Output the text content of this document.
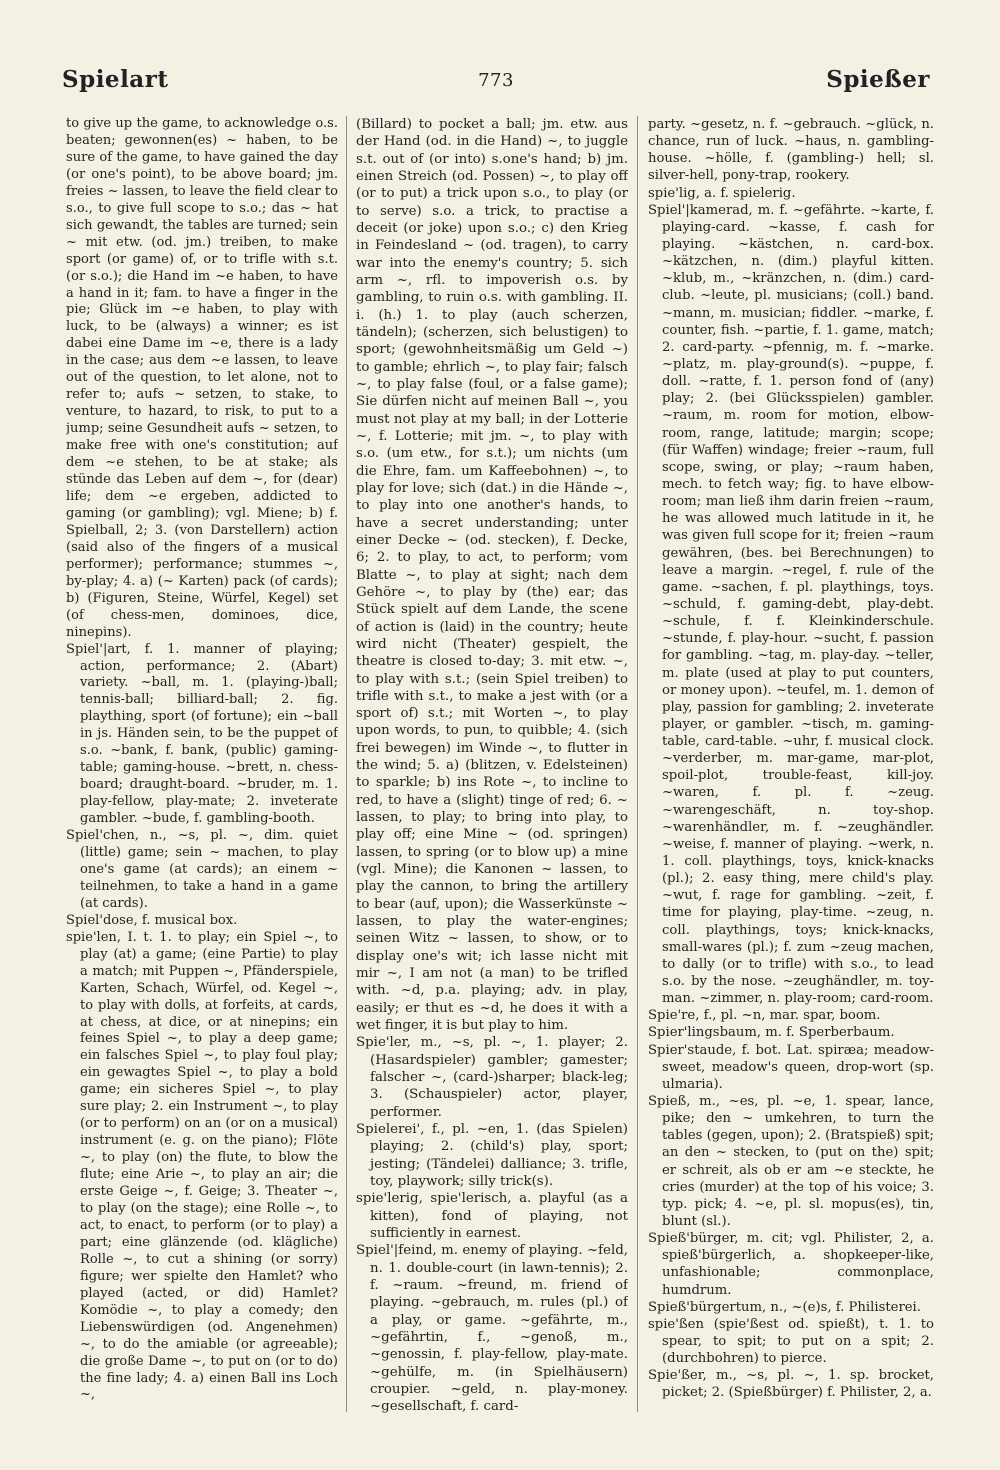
Spielart	773	Spießer

to give up the game, to acknowledge o.s. beaten; gewonnen(es) ~ haben, to be sure of the game, to have gained the day (or one's point), to be above board; jm. freies ~ lassen, to leave the field clear to s.o., to give full scope to s.o.; das ~ hat sich gewandt, the tables are turned; sein ~ mit etw. (od. jm.) treiben, to make sport (or game) of, or to trifle with s.t. (or s.o.); die Hand im ~e haben, to have a hand in it; fam. to have a finger in the pie; Glück im ~e haben, to play with luck, to be (always) a winner; es ist dabei eine Dame im ~e, there is a lady in the case; aus dem ~e lassen, to leave out of the question, to let alone, not to refer to; aufs ~ setzen, to stake, to venture, to hazard, to risk, to put to a jump; seine Gesundheit aufs ~ setzen, to make free with one's constitution; auf dem ~e stehen, to be at stake; als stünde das Leben auf dem ~, for (dear) life; dem ~e ergeben, addicted to gaming (or gambling); vgl. Miene; b) f. Spielball, 2; 3. (von Darstellern) action (said also of the fingers of a musical performer); performance; stummes ~, by-play; 4. a) (~ Karten) pack (of cards); b) (Figuren, Steine, Würfel, Kegel) set (of chess-men, dominoes, dice, ninepins).

Spiel'|art, f. 1. manner of playing; action, performance; 2. (Abart) variety. ~ball, m. 1. (playing-)ball; tennis-ball; billiard-ball; 2. fig. plaything, sport (of fortune); ein ~ball in js. Händen sein, to be the puppet of s.o. ~bank, f. bank, (public) gaming-table; gaming-house. ~brett, n. chess-board; draught-board. ~bruder, m. 1. play-fellow, play-mate; 2. inveterate gambler. ~bude, f. gambling-booth.

Spiel'chen, n., ~s, pl. ~, dim. quiet (little) game; sein ~ machen, to play one's game (at cards); an einem ~ teilnehmen, to take a hand in a game (at cards).

Spiel'dose, f. musical box.

spie'len, I. t. 1. to play; ein Spiel ~, to play (at) a game; (eine Partie) to play a match; mit Puppen ~, Pfänderspiele, Karten, Schach, Würfel, od. Kegel ~, to play with dolls, at forfeits, at cards, at chess, at dice, or at ninepins; ein feines Spiel ~, to play a deep game; ein falsches Spiel ~, to play foul play; ein gewagtes Spiel ~, to play a bold game; ein sicheres Spiel ~, to play sure play; 2. ein Instrument ~, to play (or to perform) on an (or on a musical) instrument (e. g. on the piano); Flöte ~, to play (on) the flute, to blow the flute; eine Arie ~, to play an air; die erste Geige ~, f. Geige; 3. Theater ~, to play (on the stage); eine Rolle ~, to act, to enact, to perform (or to play) a part; eine glänzende (od. klägliche) Rolle ~, to cut a shining (or sorry) figure; wer spielte den Hamlet? who played (acted, or did) Hamlet? Komödie ~, to play a comedy; den Liebenswürdigen (od. Angenehmen) ~, to do the amiable (or agreeable); die große Dame ~, to put on (or to do) the fine lady; 4. a) einen Ball ins Loch ~,

(Billard) to pocket a ball; jm. etw. aus der Hand (od. in die Hand) ~, to juggle s.t. out of (or into) s.one's hand; b) jm. einen Streich (od. Possen) ~, to play off (or to put) a trick upon s.o., to play (or to serve) s.o. a trick, to practise a deceit (or joke) upon s.o.; c) den Krieg in Feindesland ~ (od. tragen), to carry war into the enemy's country; 5. sich arm ~, rfl. to impoverish o.s. by gambling, to ruin o.s. with gambling. II. i. (h.) 1. to play (auch scherzen, tändeln); (scherzen, sich belustigen) to sport; (gewohnheitsmäßig um Geld ~) to gamble; ehrlich ~, to play fair; falsch ~, to play false (foul, or a false game); Sie dürfen nicht auf meinen Ball ~, you must not play at my ball; in der Lotterie ~, f. Lotterie; mit jm. ~, to play with s.o. (um etw., for s.t.); um nichts (um die Ehre, fam. um Kaffeebohnen) ~, to play for love; sich (dat.) in die Hände ~, to play into one another's hands, to have a secret understanding; unter einer Decke ~ (od. stecken), f. Decke, 6; 2. to play, to act, to perform; vom Blatte ~, to play at sight; nach dem Gehöre ~, to play by (the) ear; das Stück spielt auf dem Lande, the scene of action is (laid) in the country; heute wird nicht (Theater) gespielt, the theatre is closed to-day; 3. mit etw. ~, to play with s.t.; (sein Spiel treiben) to trifle with s.t., to make a jest with (or a sport of) s.t.; mit Worten ~, to play upon words, to pun, to quibble; 4. (sich frei bewegen) im Winde ~, to flutter in the wind; 5. a) (blitzen, v. Edelsteinen) to sparkle; b) ins Rote ~, to incline to red, to have a (slight) tinge of red; 6. ~ lassen, to play; to bring into play, to play off; eine Mine ~ (od. springen) lassen, to spring (or to blow up) a mine (vgl. Mine); die Kanonen ~ lassen, to play the cannon, to bring the artillery to bear (auf, upon); die Wasserkünste ~ lassen, to play the water-engines; seinen Witz ~ lassen, to show, or to display one's wit; ich lasse nicht mit mir ~, I am not (a man) to be trifled with. ~d, p.a. playing; adv. in play, easily; er thut es ~d, he does it with a wet finger, it is but play to him.

Spie'ler, m., ~s, pl. ~, 1. player; 2. (Hasardspieler) gambler; gamester; falscher ~, (card-)sharper; black-leg; 3. (Schauspieler) actor, player, performer.

Spielerei', f., pl. ~en, 1. (das Spielen) playing; 2. (child's) play, sport; jesting; (Tändelei) dalliance; 3. trifle, toy, playwork; silly trick(s).

spie'lerig, spie'lerisch, a. playful (as a kitten), fond of playing, not sufficiently in earnest.

Spiel'|feind, m. enemy of playing. ~feld, n. 1. double-court (in lawn-tennis); 2. f. ~raum. ~freund, m. friend of playing. ~gebrauch, m. rules (pl.) of a play, or game. ~gefährte, m., ~gefährtin, f., ~genoß, m., ~genossin, f. play-fellow, play-mate. ~gehülfe, m. (in Spielhäusern) croupier. ~geld, n. play-money. ~gesellschaft, f. card-

party. ~gesetz, n. f. ~gebrauch. ~glück, n. chance, run of luck. ~haus, n. gambling-house. ~hölle, f. (gambling-) hell; sl. silver-hell, pony-trap, rookery.

spie'lig, a. f. spielerig.

Spiel'|kamerad, m. f. ~gefährte. ~karte, f. playing-card. ~kasse, f. cash for playing. ~kästchen, n. card-box. ~kätzchen, n. (dim.) playful kitten. ~klub, m., ~kränzchen, n. (dim.) card-club. ~leute, pl. musicians; (coll.) band. ~mann, m. musician; fiddler. ~marke, f. counter, fish. ~partie, f. 1. game, match; 2. card-party. ~pfennig, m. f. ~marke. ~platz, m. play-ground(s). ~puppe, f. doll. ~ratte, f. 1. person fond of (any) play; 2. (bei Glücksspielen) gambler. ~raum, m. room for motion, elbow-room, range, latitude; margin; scope; (für Waffen) windage; freier ~raum, full scope, swing, or play; ~raum haben, mech. to fetch way; fig. to have elbow-room; man ließ ihm darin freien ~raum, he was allowed much latitude in it, he was given full scope for it; freien ~raum gewähren, (bes. bei Berechnungen) to leave a margin. ~regel, f. rule of the game. ~sachen, f. pl. playthings, toys. ~schuld, f. gaming-debt, play-debt. ~schule, f. f. Kleinkinderschule. ~stunde, f. play-hour. ~sucht, f. passion for gambling. ~tag, m. play-day. ~teller, m. plate (used at play to put counters, or money upon). ~teufel, m. 1. demon of play, passion for gambling; 2. inveterate player, or gambler. ~tisch, m. gaming-table, card-table. ~uhr, f. musical clock. ~verderber, m. mar-game, mar-plot, spoil-plot, trouble-feast, kill-joy. ~waren, f. pl. f. ~zeug. ~warengeschäft, n. toy-shop. ~warenhändler, m. f. ~zeughändler. ~weise, f. manner of playing. ~werk, n. 1. coll. playthings, toys, knick-knacks (pl.); 2. easy thing, mere child's play. ~wut, f. rage for gambling. ~zeit, f. time for playing, play-time. ~zeug, n. coll. playthings, toys; knick-knacks, small-wares (pl.); f. zum ~zeug machen, to dally (or to trifle) with s.o., to lead s.o. by the nose. ~zeughändler, m. toy-man. ~zimmer, n. play-room; card-room.

Spie're, f., pl. ~n, mar. spar, boom.

Spier'lingsbaum, m. f. Sperberbaum.

Spier'staude, f. bot. Lat. spiræa; meadow-sweet, meadow's queen, drop-wort (sp. ulmaria).

Spieß, m., ~es, pl. ~e, 1. spear, lance, pike; den ~ umkehren, to turn the tables (gegen, upon); 2. (Bratspieß) spit; an den ~ stecken, to (put on the) spit; er schreit, als ob er am ~e steckte, he cries (murder) at the top of his voice; 3. typ. pick; 4. ~e, pl. sl. mopus(es), tin, blunt (sl.).

Spieß'bürger, m. cit; vgl. Philister, 2, a. spieß'bürgerlich, a. shopkeeper-like, unfashionable; commonplace, humdrum.

Spieß'bürgertum, n., ~(e)s, f. Philisterei.

spie'ßen (spie'ßest od. spießt), t. 1. to spear, to spit; to put on a spit; 2. (durchbohren) to pierce.

Spie'ßer, m., ~s, pl. ~, 1. sp. brocket, picket; 2. (Spießbürger) f. Philister, 2, a.
